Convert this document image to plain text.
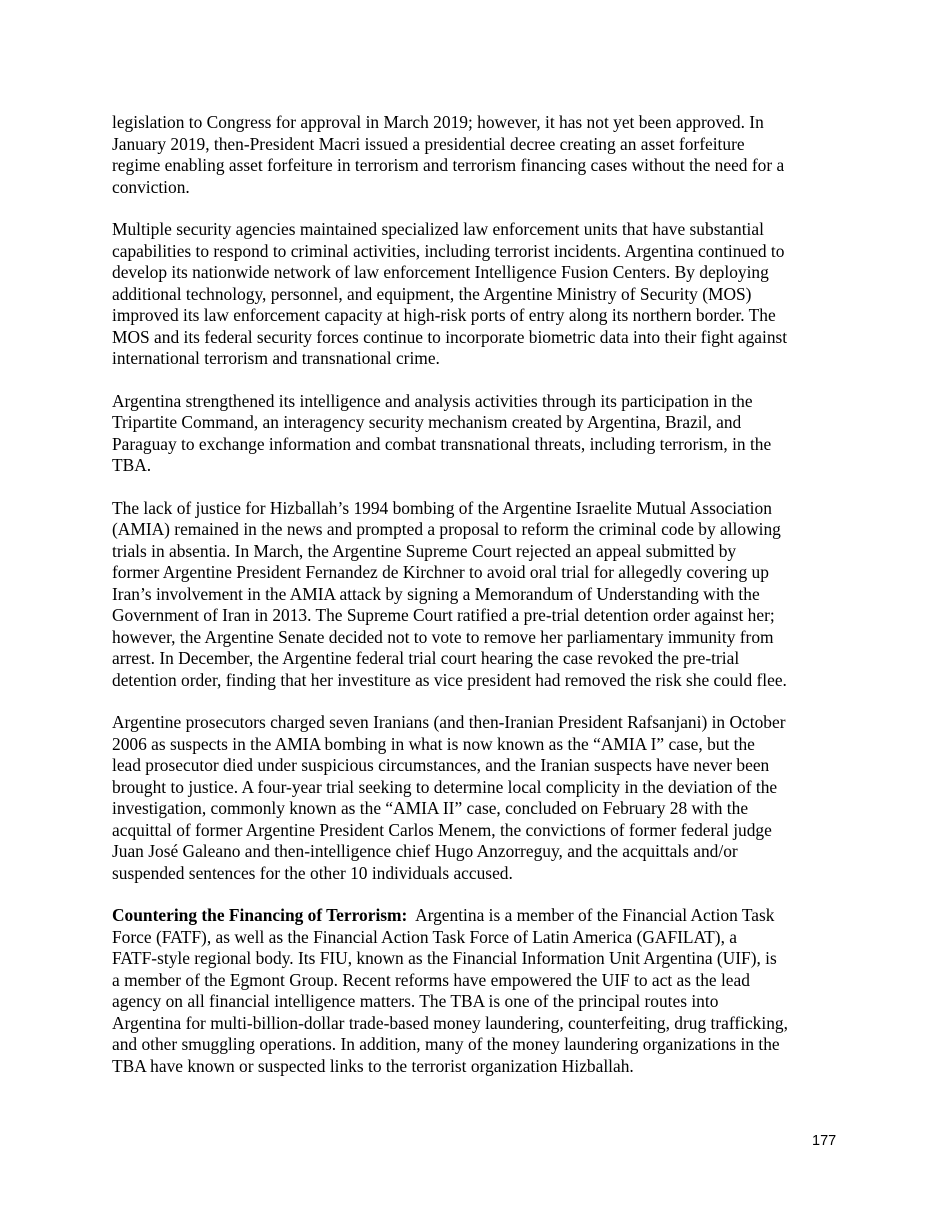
legislation to Congress for approval in March 2019; however, it has not yet been approved. In
January 2019, then-President Macri issued a presidential decree creating an asset forfeiture
regime enabling asset forfeiture in terrorism and terrorism financing cases without the need for a
conviction.

Multiple security agencies maintained specialized law enforcement units that have substantial
capabilities to respond to criminal activities, including terrorist incidents. Argentina continued to
develop its nationwide network of law enforcement Intelligence Fusion Centers. By deploying
additional technology, personnel, and equipment, the Argentine Ministry of Security (MOS)
improved its law enforcement capacity at high-risk ports of entry along its northern border. The
MOS and its federal security forces continue to incorporate biometric data into their fight against
international terrorism and transnational crime.

Argentina strengthened its intelligence and analysis activities through its participation in the
Tripartite Command, an interagency security mechanism created by Argentina, Brazil, and
Paraguay to exchange information and combat transnational threats, including terrorism, in the
TBA.

The lack of justice for Hizballah’s 1994 bombing of the Argentine Israelite Mutual Association
(AMIA) remained in the news and prompted a proposal to reform the criminal code by allowing
trials in absentia. In March, the Argentine Supreme Court rejected an appeal submitted by
former Argentine President Fernandez de Kirchner to avoid oral trial for allegedly covering up
Iran’s involvement in the AMIA attack by signing a Memorandum of Understanding with the
Government of Iran in 2013. The Supreme Court ratified a pre-trial detention order against her;
however, the Argentine Senate decided not to vote to remove her parliamentary immunity from
arrest. In December, the Argentine federal trial court hearing the case revoked the pre-trial
detention order, finding that her investiture as vice president had removed the risk she could flee.

Argentine prosecutors charged seven Iranians (and then-Iranian President Rafsanjani) in October
2006 as suspects in the AMIA bombing in what is now known as the “AMIA I” case, but the
lead prosecutor died under suspicious circumstances, and the Iranian suspects have never been
brought to justice. A four-year trial seeking to determine local complicity in the deviation of the
investigation, commonly known as the “AMIA II” case, concluded on February 28 with the
acquittal of former Argentine President Carlos Menem, the convictions of former federal judge
Juan José Galeano and then-intelligence chief Hugo Anzorreguy, and the acquittals and/or
suspended sentences for the other 10 individuals accused.

Countering the Financing of Terrorism:  Argentina is a member of the Financial Action Task
Force (FATF), as well as the Financial Action Task Force of Latin America (GAFILAT), a
FATF-style regional body. Its FIU, known as the Financial Information Unit Argentina (UIF), is
a member of the Egmont Group. Recent reforms have empowered the UIF to act as the lead
agency on all financial intelligence matters. The TBA is one of the principal routes into
Argentina for multi-billion-dollar trade-based money laundering, counterfeiting, drug trafficking,
and other smuggling operations. In addition, many of the money laundering organizations in the
TBA have known or suspected links to the terrorist organization Hizballah.

177
